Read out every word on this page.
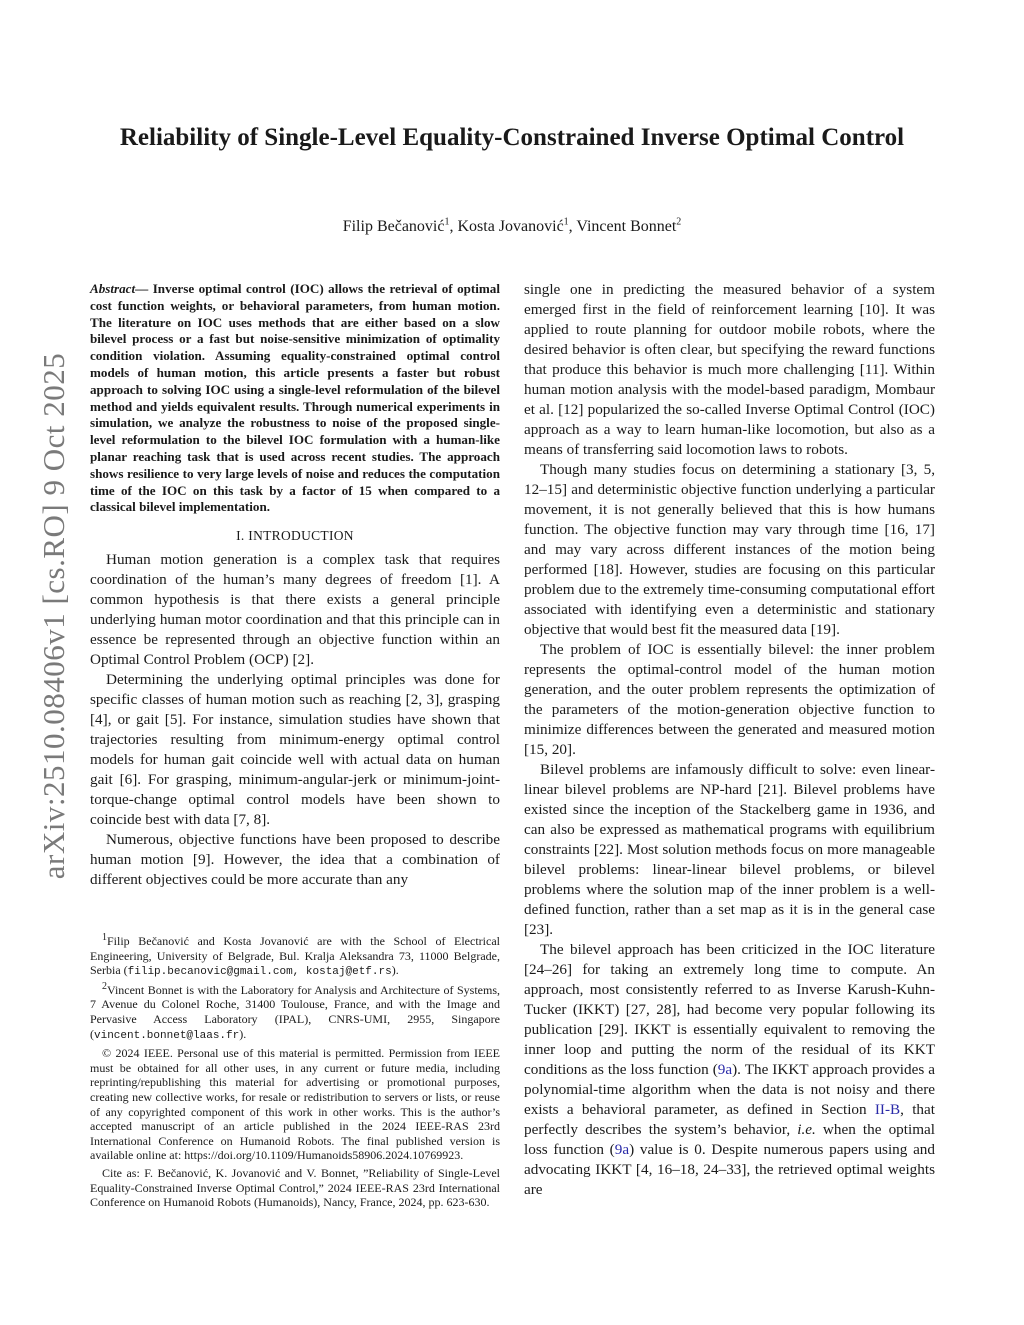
Reliability of Single-Level Equality-Constrained Inverse Optimal Control
Filip Bečanović$^1$, Kosta Jovanović$^1$, Vincent Bonnet$^2$
arXiv:2510.08406v1 [cs.RO] 9 Oct 2025
Abstract— Inverse optimal control (IOC) allows the retrieval of optimal cost function weights, or behavioral parameters, from human motion. The literature on IOC uses methods that are either based on a slow bilevel process or a fast but noise-sensitive minimization of optimality condition violation. Assuming equality-constrained optimal control models of human motion, this article presents a faster but robust approach to solving IOC using a single-level reformulation of the bilevel method and yields equivalent results. Through numerical experiments in simulation, we analyze the robustness to noise of the proposed single-level reformulation to the bilevel IOC formulation with a human-like planar reaching task that is used across recent studies. The approach shows resilience to very large levels of noise and reduces the computation time of the IOC on this task by a factor of 15 when compared to a classical bilevel implementation.
I. INTRODUCTION

Human motion generation is a complex task that requires coordination of the human’s many degrees of freedom [1]. A common hypothesis is that there exists a general principle underlying human motor coordination and that this principle can in essence be represented through an objective function within an Optimal Control Problem (OCP) [2].

Determining the underlying optimal principles was done for specific classes of human motion such as reaching [2, 3], grasping [4], or gait [5]. For instance, simulation studies have shown that trajectories resulting from minimum-energy optimal control models for human gait coincide well with actual data on human gait [6]. For grasping, minimum-angular-jerk or minimum-joint-torque-change optimal control models have been shown to coincide best with data [7, 8].

Numerous, objective functions have been proposed to describe human motion [9]. However, the idea that a combination of different objectives could be more accurate than any

$^1$Filip Bečanović and Kosta Jovanović are with the School of Electrical Engineering, University of Belgrade, Bul. Kralja Aleksandra 73, 11000 Belgrade, Serbia (filip.becanovic@gmail.com, kostaj@etf.rs).

$^2$Vincent Bonnet is with the Laboratory for Analysis and Architecture of Systems, 7 Avenue du Colonel Roche, 31400 Toulouse, France, and with the Image and Pervasive Access Laboratory (IPAL), CNRS-UMI, 2955, Singapore (vincent.bonnet@laas.fr).

© 2024 IEEE. Personal use of this material is permitted. Permission from IEEE must be obtained for all other uses, in any current or future media, including reprinting/republishing this material for advertising or promotional purposes, creating new collective works, for resale or redistribution to servers or lists, or reuse of any copyrighted component of this work in other works. This is the author’s accepted manuscript of an article published in the 2024 IEEE-RAS 23rd International Conference on Humanoid Robots. The final published version is available online at: https://doi.org/10.1109/Humanoids58906.2024.10769923.

Cite as: F. Bečanović, K. Jovanović and V. Bonnet, ”Reliability of Single-Level Equality-Constrained Inverse Optimal Control,” 2024 IEEE-RAS 23rd International Conference on Humanoid Robots (Humanoids), Nancy, France, 2024, pp. 623-630.

single one in predicting the measured behavior of a system emerged first in the field of reinforcement learning [10]. It was applied to route planning for outdoor mobile robots, where the desired behavior is often clear, but specifying the reward functions that produce this behavior is much more challenging [11]. Within human motion analysis with the model-based paradigm, Mombaur et al. [12] popularized the so-called Inverse Optimal Control (IOC) approach as a way to learn human-like locomotion, but also as a means of transferring said locomotion laws to robots.

Though many studies focus on determining a stationary [3, 5, 12–15] and deterministic objective function underlying a particular movement, it is not generally believed that this is how humans function. The objective function may vary through time [16, 17] and may vary across different instances of the motion being performed [18]. However, studies are focusing on this particular problem due to the extremely time-consuming computational effort associated with identifying even a deterministic and stationary objective that would best fit the measured data [19].

The problem of IOC is essentially bilevel: the inner problem represents the optimal-control model of the human motion generation, and the outer problem represents the optimization of the parameters of the motion-generation objective function to minimize differences between the generated and measured motion [15, 20].

Bilevel problems are infamously difficult to solve: even linear-linear bilevel problems are NP-hard [21]. Bilevel problems have existed since the inception of the Stackelberg game in 1936, and can also be expressed as mathematical programs with equilibrium constraints [22]. Most solution methods focus on more manageable bilevel problems: linear-linear bilevel problems, or bilevel problems where the solution map of the inner problem is a well-defined function, rather than a set map as it is in the general case [23].

The bilevel approach has been criticized in the IOC literature [24–26] for taking an extremely long time to compute. An approach, most consistently referred to as Inverse Karush-Kuhn-Tucker (IKKT) [27, 28], had become very popular following its publication [29]. IKKT is essentially equivalent to removing the inner loop and putting the norm of the residual of its KKT conditions as the loss function (9a). The IKKT approach provides a polynomial-time algorithm when the data is not noisy and there exists a behavioral parameter, as defined in Section II-B, that perfectly describes the system’s behavior, i.e. when the optimal loss function (9a) value is 0. Despite numerous papers using and advocating IKKT [4, 16–18, 24–33], the retrieved optimal weights are
